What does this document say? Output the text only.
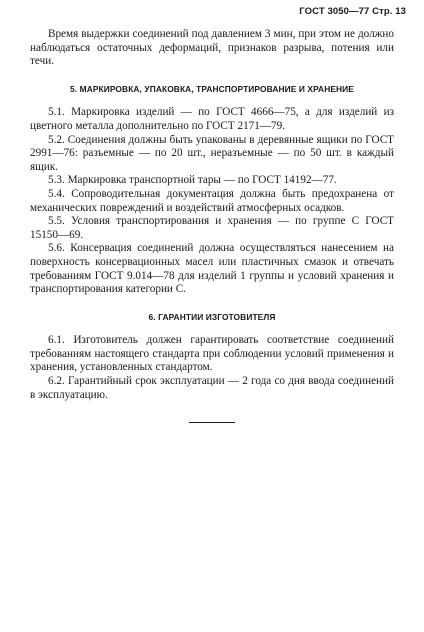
ГОСТ 3050—77 Стр. 13

Время выдержки соединений под давлением 3 мин, при этом не должно наблюдаться остаточных деформаций, признаков разрыва, потения или течи.

5. МАРКИРОВКА, УПАКОВКА, ТРАНСПОРТИРОВАНИЕ И ХРАНЕНИЕ

5.1. Маркировка изделий — по ГОСТ 4666—75, а для изделий из цветного металла дополнительно по ГОСТ 2171—79.

5.2. Соединения должны быть упакованы в деревянные ящики по ГОСТ 2991—76: разъемные — по 20 шт., неразъемные — по 50 шт. в каждый ящик.

5.3. Маркировка транспортной тары — по ГОСТ 14192—77.

5.4. Сопроводительная документация должна быть предохранена от механических повреждений и воздействий атмосферных осадков.

5.5. Условия транспортирования и хранения — по группе С ГОСТ 15150—69.

5.6. Консервация соединений должна осуществляться нанесением на поверхность консервационных масел или пластичных смазок и отвечать требованиям ГОСТ 9.014—78 для изделий 1 группы и условий хранения и транспортирования категории С.

6. ГАРАНТИИ ИЗГОТОВИТЕЛЯ

6.1. Изготовитель должен гарантировать соответствие соединений требованиям настоящего стандарта при соблюдении условий применения и хранения, установленных стандартом.

6.2. Гарантийный срок эксплуатации — 2 года со дня ввода соединений в эксплуатацию.
